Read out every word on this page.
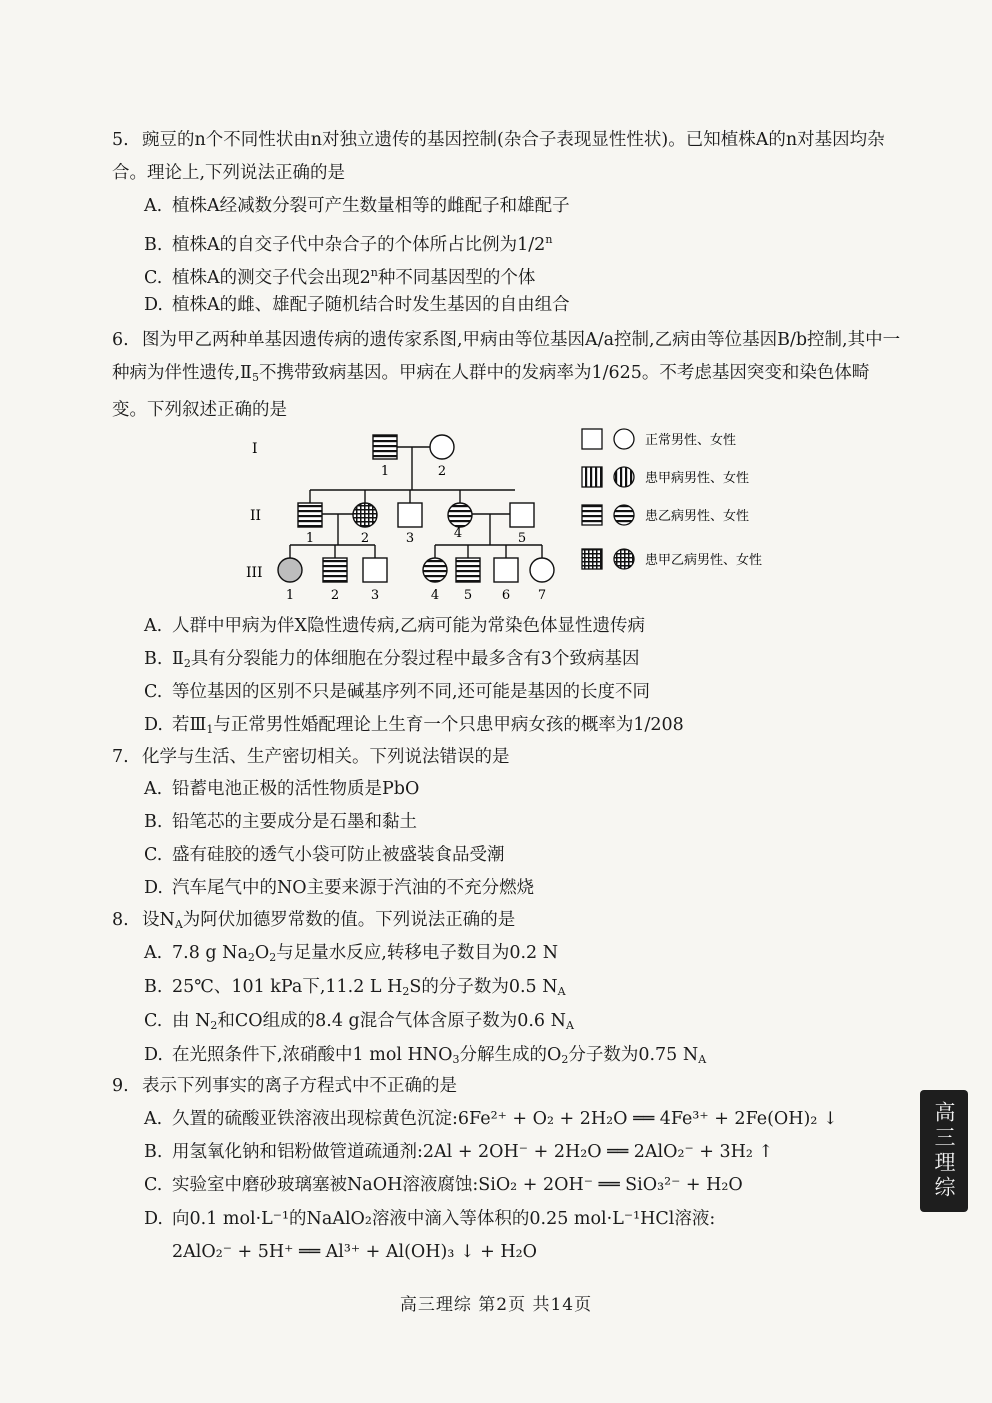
5. 豌豆的n个不同性状由n对独立遗传的基因控制(杂合子表现显性性状)。已知植株A的n对基因均杂合。理论上,下列说法正确的是
A. 植株A经减数分裂可产生数量相等的雌配子和雄配子
B. 植株A的自交子代中杂合子的个体所占比例为1/2$^n$
C. 植株A的测交子代会出现2$^n$种不同基因型的个体
D. 植株A的雌、雄配子随机结合时发生基因的自由组合
6. 图为甲乙两种单基因遗传病的遗传家系图,甲病由等位基因A/a控制,乙病由等位基因B/b控制,其中一种病为伴性遗传$,Ⅱ_5$不携带致病基因。甲病在人群中的发病率为1/625。不考虑基因突变和染色体畸变。下列叙述正确的是
I
II
III
1	2
1	2	3	4	5
1	2 3	4 5 6 7
正常男性、女性
患甲病男性、女性
患乙病男性、女性
患甲乙病男性、女性
A. 人群中甲病为伴X隐性遗传病,乙病可能为常染色体显性遗传病
B. $Ⅱ_2$具有分裂能力的体细胞在分裂过程中最多含有3个致病基因
C. 等位基因的区别不只是碱基序列不同,还可能是基因的长度不同
D. 若$Ⅲ_1$与正常男性婚配理论上生育一个只患甲病女孩的概率为1/208
7. 化学与生活、生产密切相关。下列说法错误的是
A. 铅蓄电池正极的活性物质是PbO
B. 铅笔芯的主要成分是石墨和黏土
C. 盛有硅胶的透气小袋可防止被盛装食品受潮
D. 汽车尾气中的NO主要来源于汽油的不充分燃烧
8. 设$N_A$为阿伏加德罗常数的值。下列说法正确的是
A. 7.8 g $Na_2O_2$与足量水反应,转移电子数目为0.2 N
B. 25℃、101 kPa下,11.2 L $H_2S$的分子数为0.5 $N_A$
C. 由 $N_2$和CO组成的8.4 g混合气体含原子数为0.6 $N_A$
D. 在光照条件下,浓硝酸中1 mol $HNO_3$分解生成的$O_2$分子数为0.75 $N_A$
9. 表示下列事实的离子方程式中不正确的是
A. 久置的硫酸亚铁溶液出现棕黄色沉淀:6Fe²⁺ + O₂ + 2H₂O ══ 4Fe³⁺ + 2Fe(OH)₂ ↓
B. 用氢氧化钠和铝粉做管道疏通剂:2Al + 2OH⁻ + 2H₂O ══ 2AlO₂⁻ + 3H₂ ↑
C. 实验室中磨砂玻璃塞被NaOH溶液腐蚀:SiO₂ + 2OH⁻ ══ SiO₃²⁻ + H₂O
D. 向0.1 mol·L⁻¹的NaAlO₂溶液中滴入等体积的0.25 mol·L⁻¹HCl溶液:
2AlO₂⁻ + 5H⁺ ══ Al³⁺ + Al(OH)₃ ↓ + H₂O
高三理综 第2页 共14页
高三理综
